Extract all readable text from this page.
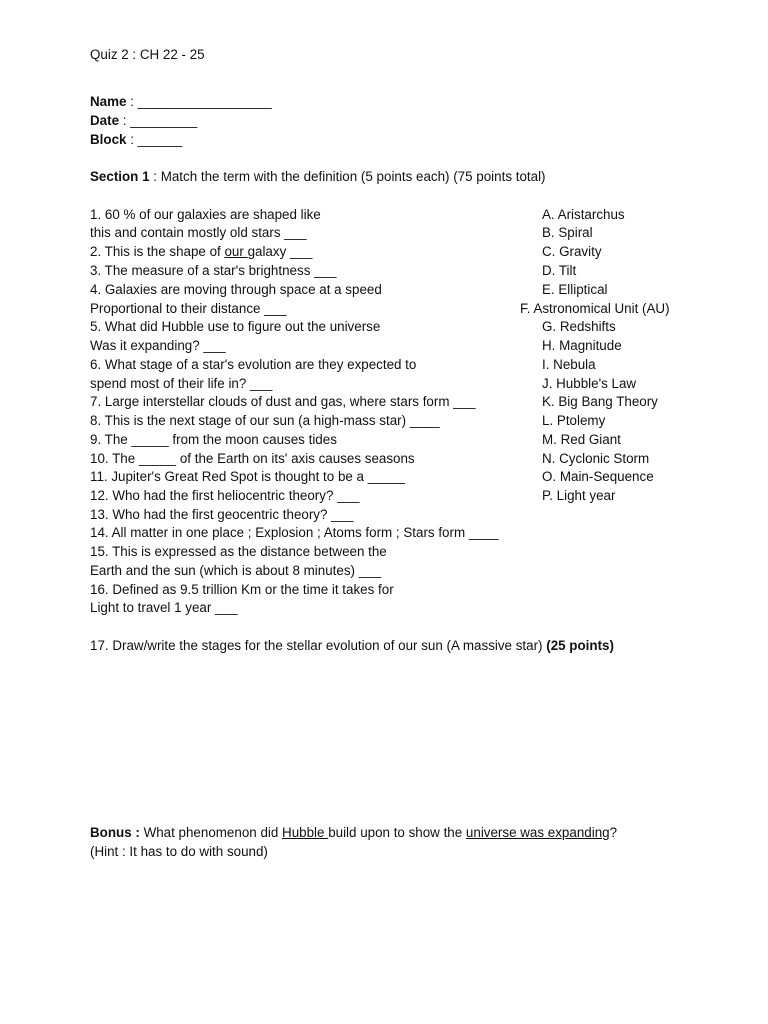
Quiz 2 : CH 22 - 25
Name : __________________
Date : _________
Block : ______
Section 1 : Match the term with the definition (5 points each) (75 points total)
1. 60 % of our galaxies are shaped like
this and contain mostly old stars ___
2. This is the shape of our galaxy ___
3. The measure of a star's brightness ___
4. Galaxies are moving through space at a speed
Proportional to their distance ___
5. What did Hubble use to figure out the universe
Was it expanding? ___
6. What stage of a star's evolution are they expected to
spend most of their life in? ___
7. Large interstellar clouds of dust and gas, where stars form ___
8. This is the next stage of our sun (a high-mass star) ____
9. The _____ from the moon causes tides
10. The _____ of the Earth on its' axis causes seasons
11. Jupiter's Great Red Spot is thought to be a _____
12. Who had the first heliocentric theory? ___
13. Who had the first geocentric theory? ___
14. All matter in one place ; Explosion ; Atoms form ; Stars form ____
15. This is expressed as the distance between the
Earth and the sun (which is about 8 minutes) ___
16. Defined as 9.5 trillion Km or the time it takes for
Light to travel 1 year ___
A. Aristarchus
B. Spiral
C. Gravity
D. Tilt
E. Elliptical
F. Astronomical Unit (AU)
G. Redshifts
H. Magnitude
I. Nebula
J. Hubble's Law
K. Big Bang Theory
L. Ptolemy
M. Red Giant
N. Cyclonic Storm
O. Main-Sequence
P. Light year
17. Draw/write the stages for the stellar evolution of our sun (A massive star) (25 points)
Bonus : What phenomenon did Hubble build upon to show the universe was expanding?
(Hint : It has to do with sound)
